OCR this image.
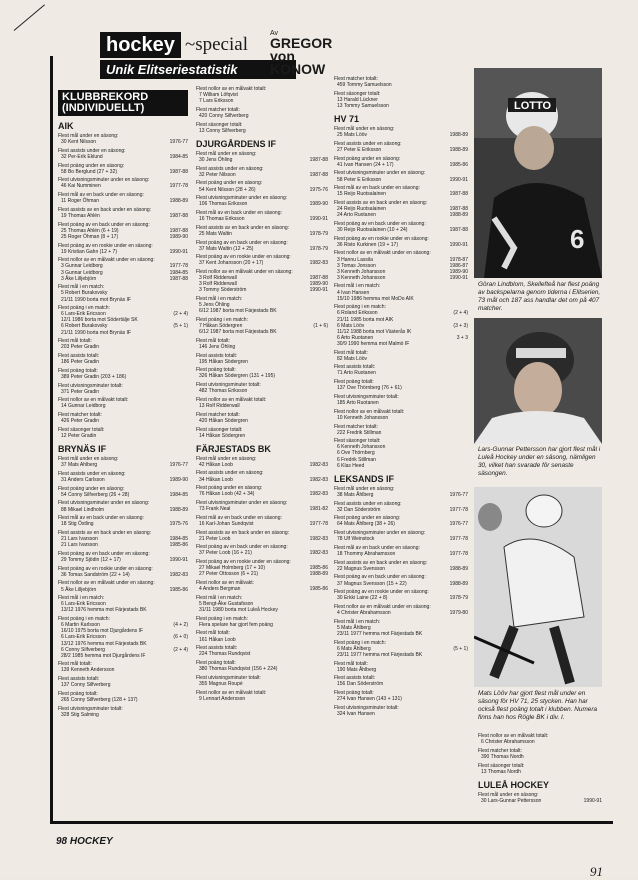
hockey ~special
Unik Elitseriestatistik
Av
GREGOR
von
KONOW
KLUBBREKORD (INDIVIDUELLT)
AIK
Flest mål under en säsong:
30 Kent Nilsson	1976-77
Flest assists under en säsong:
32 Per-Erik Eklund	1984-85
Flest poäng under en säsong:
58 Bo Berglund (27 + 32)	1987-88
Flest utvisningsminuter under en säsong:
46 Kai Numminen	1977-78
Flest mål av en back under en säsong:
11 Roger Öhman	1988-89
Flest assists av en back under en säsong:
19 Thomas Ahlén	1987-88
Flest poäng av en back under en säsong:
25 Thomas Ahlén (6 + 19)	1987-88
25 Roger Öhman (8 + 17)	1989-90
Flest poäng av en rookie under en säsong:
19 Kristian Gahn (12 + 7)	1990-91
Flest nollor av en målvakt under en säsong:
3 Gunnar Leidborg	1977-78
3 Gunnar Leidborg	1984-85
3 Åke Lilljebjörn	1987-88
Flest mål i en match:
5 Robert Burakovsky
21/11 1990 borta mot Brynäs IF
Flest poäng i en match:
6 Lars-Erik Ericsson	(2 + 4)
12/1 1986 borta mot Södertälje SK
6 Robert Burakovsky	(5 + 1)
21/11 1990 borta mot Brynäs IF
Flest mål totalt:
203 Peter Gradin
Flest assists totalt:
186 Peter Gradin
Flest poäng totalt:
389 Peter Gradin (203 + 186)
Flest utvisningsminuter totalt:
371 Peter Gradin
Flest nollor av en målvakt totalt:
14 Gunnar Leidborg
Flest matcher totalt:
426 Peter Gradin
Flest säsonger totalt:
12 Peter Gradin
BRYNÄS IF
Flest mål under en säsong:
37 Mats Ahlberg	1976-77
Flest assists under en säsong:
31 Anders Carlsson	1989-90
Flest poäng under en säsong:
54 Conny Silfverberg (26 + 28)	1984-85
Flest utvisningsminuter under en säsong:
88 Mikael Lindholm	1988-89
Flest mål av en back under en säsong:
18 Stig Östling	1975-76
Flest assists av en back under en säsong:
21 Lars Ivarsson	1984-85
21 Lars Ivarsson	1985-86
Flest poäng av en back under en säsong:
29 Tommy Sjödin (12 + 17)	1990-91
Flest poäng av en rookie under en säsong:
36 Tomas Sandström (22 + 14)	1982-83
Flest nollor av en målvakt under en säsong:
5 Åke Lilljebjörn	1985-86
Flest mål i en match:
6 Lars-Erik Ericsson
13/12 1976 hemma mot Färjestads BK
Flest poäng i en match:
6 Martin Karlsson	(4 + 2)
16/10 1975 borta mot Djurgårdens IF
6 Lars-Erik Ericsson	(6 + 0)
13/12 1976 hemma mot Färjestads BK
6 Conny Silfverberg	(2 + 4)
28/2 1985 hemma mot Djurgårdens IF
Flest mål totalt:
139 Kenneth Andersson
Flest assists totalt:
137 Conny Silfverberg
Flest poäng totalt:
265 Conny Silfverberg (128 + 137)
Flest utvisningsminuter totalt:
328 Stig Salming
Flest nollor av en målvakt totalt:
7 William Löfqvist
7 Lars Eriksson
Flest matcher totalt:
420 Conny Silfverberg
Flest säsonger totalt:
13 Conny Silfverberg
DJURGÅRDENS IF
Flest mål under en säsong:
30 Jens Öhling	1987-88
Flest assists under en säsong:
32 Peter Nilsson	1987-88
Flest poäng under en säsong:
54 Kent Nilsson (28 + 26)	1975-76
Flest utvisningsminuter under en säsong:
106 Thomas Eriksson	1989-90
Flest mål av en back under en säsong:
16 Thomas Eriksson	1990-91
Flest assists av en back under en säsong:
25 Mats Waltin	1978-79
Flest poäng av en back under en säsong:
37 Mats Waltin (12 + 25)	1978-79
Flest poäng av en rookie under en säsong:
37 Kent Johansson (20 + 17)	1982-83
Flest nollor av en målvakt under en säsong:
3 Rolf Ridderwall	1987-88
3 Rolf Ridderwall	1989-90
3 Tommy Söderström	1990-91
Flest mål i en match:
5 Jens Öhling
6/12 1987 borta mot Färjestads BK
Flest poäng i en match:
7 Håkan Södergren	(1 + 6)
6/12 1987 borta mot Färjestads BK
Flest mål totalt:
146 Jens Öhling
Flest assists totalt:
195 Håkan Södergren
Flest poäng totalt:
326 Håkan Södergren (131 + 195)
Flest utvisningsminuter totalt:
482 Thomas Eriksson
Flest nollor av en målvakt totalt:
13 Rolf Ridderwall
Flest matcher totalt:
420 Håkan Södergren
Flest säsonger totalt:
14 Håkan Södergren
FÄRJESTADS BK
Flest mål under en säsong:
42 Håkan Loob	1982-83
Flest assists under en säsong:
34 Håkan Loob	1982-83
Flest poäng under en säsong:
76 Håkan Loob (42 + 34)	1982-83
Flest utvisningsminuter under en säsong:
73 Frank Neal	1981-82
Flest mål av en back under en säsong:
16 Karl-Johan Sundqvist	1977-78
Flest assists av en back under en säsong:
21 Peter Loob	1982-83
Flest poäng av en back under en säsong:
37 Peter Loob (16 + 21)	1982-83
Flest poäng av en rookie under en säsong:
27 Mikael Holmberg (17 + 10)	1985-86
27 Peter Ottosson (6 + 21)	1988-89
Flest nollor av en målvakt:
4 Anders Bergman	1985-86
Flest mål i en match:
5 Bengt-Åke Gustafsson
31/11 1980 borta mot Luleå Hockey
Flest poäng i en match:
Flera spelare har gjort fem poäng
Flest mål totalt:
161 Håkan Loob
Flest assists totalt:
224 Thomas Rundqvist
Flest poäng totalt:
380 Thomas Rundqvist (156 + 224)
Flest utvisningsminuter totalt:
355 Magnus Roupé
Flest nollor av en målvakt totalt:
9 Lennart Andersson
Flest matcher totalt:
459 Tommy Samuelsson
Flest säsonger totalt:
13 Harald Lückner
13 Tommy Samuelsson
HV 71
Flest mål under en säsong:
25 Mats Lööv	1988-89
Flest assists under en säsong:
27 Peter E Eriksson	1988-89
Flest poäng under en säsong:
41 Ivan Hansen (24 + 17)	1985-86
Flest utvisningsminuter under en säsong:
58 Peter E Eriksson	1990-91
Flest mål av en back under en säsong:
15 Reijo Ruotsalainen	1987-88
Flest assists av en back under en säsong:
24 Reijo Ruotsalainen	1987-88
24 Arto Ruotanen	1988-89
Flest poäng av en back under en säsong:
30 Reijo Ruotsalainen (10 + 24)	1987-88
Flest poäng av en rookie under en säsong:
36 Risto Kurkinen (19 + 17)	1990-91
Flest nollor av en målvakt under en säsong:
3 Hannu Lassila	1978-87
3 Tomas Jonsson	1986-87
3 Kenneth Johansson	1989-90
3 Kenneth Johansson	1990-91
Flest mål i en match:
4 Ivan Hansen
15/10 1986 hemma mot MoDo AIK
Flest poäng i en match:
6 Roland Eriksson	(2 + 4)
21/11 1985 borta mot AIK
6 Mats Lööv	(3 + 3)
11/12 1988 borta mot Västerås IK
6 Arto Ruotanen	3 + 3
30/9 1990 hemma mot Malmö IF
Flest mål totalt:
82 Mats Lööv
Flest assists totalt:
71 Arto Ruotanen
Flest poäng totalt:
137 Ove Thörnberg (76 + 61)
Flest utvisningsminuter totalt:
185 Arto Ruotanen
Flest nollor av en målvakt totalt:
10 Kenneth Johansson
Flest matcher totalt:
222 Fredrik Stillman
Flest säsonger totalt:
6 Kenneth Johansson
6 Ove Thörnberg
6 Fredrik Stillman
6 Klas Heed
LEKSANDS IF
Flest mål under en säsong:
38 Mats Åhlberg	1976-77
Flest assists under en säsong:
32 Dan Söderström	1977-78
Flest poäng under en säsong:
64 Mats Åhlberg (38 + 26)	1976-77
Flest utvisningsminuter under en säsong:
78 Ulf Weinstock	1977-78
Flest mål av en back under en säsong:
18 Thommy Abrahamsson	1977-78
Flest assists av en back under en säsong:
22 Magnus Svensson	1988-89
Flest poäng av en back under en säsong:
37 Magnus Svensson (15 + 22)	1988-89
Flest poäng av en rookie under en säsong:
30 Erkki Laine (22 + 8)	1978-79
Flest nollor av en målvakt under en säsong:
4 Christer Abrahamsson	1979-80
Flest mål i en match:
5 Mats Åhlberg
23/11 1977 hemma mot Färjestads BK
Flest poäng i en match:
6 Mats Åhlberg	(5 + 1)
23/11 1977 hemma mot Färjestads BK
Flest mål totalt:
190 Mats Åhlberg
Flest assists totalt:
156 Dan Söderström
Flest poäng totalt:
274 Ivan Hansen (143 + 131)
Flest utvisningsminuter totalt:
324 Ivan Hansen
LOTTO
6
Göran Lindblom, Skellefteå har flest poäng av backspelarna genom tiderna i Elitserien, 73 mål och 187 ass handlar det om på 407 matcher.
Lars-Gunnar Pettersson har gjort flest mål i Luleå Hockey under en säsong, nämligen 30, vilket han svarade för senaste säsongen.
Mats Lööv har gjort flest mål under en säsong för HV 71, 25 stycken. Han har också flest poäng totalt i klubben. Numera finns han hos Rögle BK i div. I.
Flest nollor av en målvakt totalt:
6 Christer Abrahamsson
Flest matcher totalt:
390 Thomas Nordh
Flest säsonger totalt:
13 Thomas Nordh
LULEÅ HOCKEY
Flest mål under en säsong:
30 Lars-Gunnar Pettersson	1990-91
98 HOCKEY
91
